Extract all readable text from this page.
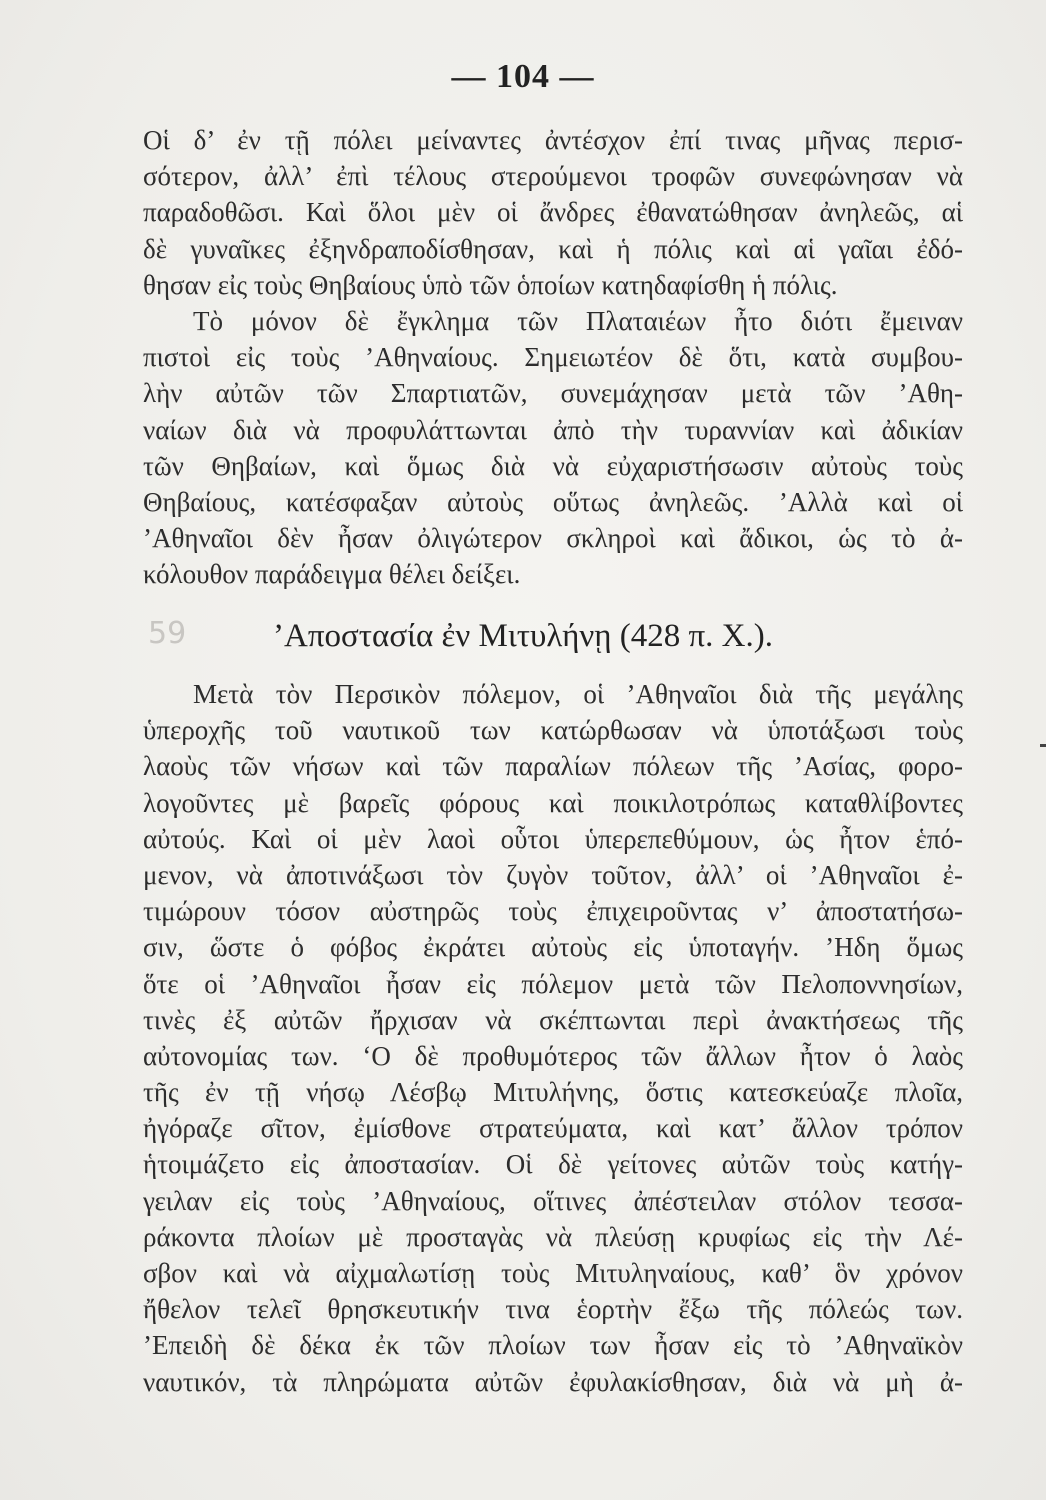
— 104 —
Οἱ δ’ ἐν τῇ πόλει μείναντες ἀντέσχον ἐπί τινας μῆνας περισ-
σότερον, ἀλλ’ ἐπὶ τέλους στερούμενοι τροφῶν συνεφώνησαν νὰ
παραδοθῶσι. Καὶ ὅλοι μὲν οἱ ἄνδρες ἐθανατώθησαν ἀνηλεῶς, αἱ
δὲ γυναῖκες ἐξηνδραποδίσθησαν, καὶ ἡ πόλις καὶ αἱ γαῖαι ἐδό-
θησαν εἰς τοὺς Θηβαίους ὑπὸ τῶν ὁποίων κατηδαφίσθη ἡ πόλις.
Τὸ μόνον δὲ ἔγκλημα τῶν Πλαταιέων ἦτο διότι ἔμειναν
πιστοὶ εἰς τοὺς ’Αθηναίους. Σημειωτέον δὲ ὅτι, κατὰ συμβου-
λὴν αὐτῶν τῶν Σπαρτιατῶν, συνεμάχησαν μετὰ τῶν ’Αθη-
ναίων διὰ νὰ προφυλάττωνται ἀπὸ τὴν τυραννίαν καὶ ἀδικίαν
τῶν Θηβαίων, καὶ ὅμως διὰ νὰ εὐχαριστήσωσιν αὐτοὺς τοὺς
Θηβαίους, κατέσφαξαν αὐτοὺς οὕτως ἀνηλεῶς. ’Αλλὰ καὶ οἱ
’Αθηναῖοι δὲν ἦσαν ὀλιγώτερον σκληροὶ καὶ ἄδικοι, ὡς τὸ ἀ-
κόλουθον παράδειγμα θέλει δείξει.
59	’Αποστασία ἐν Μιτυλήνῃ (428 π. Χ.).
Μετὰ τὸν Περσικὸν πόλεμον, οἱ ’Αθηναῖοι διὰ τῆς μεγάλης
ὑπεροχῆς τοῦ ναυτικοῦ των κατώρθωσαν νὰ ὑποτάξωσι τοὺς
λαοὺς τῶν νήσων καὶ τῶν παραλίων πόλεων τῆς ’Ασίας, φορο-
λογοῦντες μὲ βαρεῖς φόρους καὶ ποικιλοτρόπως καταθλίβοντες
αὐτούς. Καὶ οἱ μὲν λαοὶ οὗτοι ὑπερεπεθύμουν, ὡς ἦτον ἑπό-
μενον, νὰ ἀποτινάξωσι τὸν ζυγὸν τοῦτον, ἀλλ’ οἱ ’Αθηναῖοι ἐ-
τιμώρουν τόσον αὐστηρῶς τοὺς ἐπιχειροῦντας ν’ ἀποστατήσω-
σιν, ὥστε ὁ φόβος ἐκράτει αὐτοὺς εἰς ὑποταγήν. ’Ηδη ὅμως
ὅτε οἱ ’Αθηναῖοι ἦσαν εἰς πόλεμον μετὰ τῶν Πελοποννησίων,
τινὲς ἐξ αὐτῶν ἤρχισαν νὰ σκέπτωνται περὶ ἀνακτήσεως τῆς
αὐτονομίας των. ‘Ο δὲ προθυμότερος τῶν ἄλλων ἦτον ὁ λαὸς
τῆς ἐν τῇ νήσῳ Λέσβῳ Μιτυλήνης, ὅστις κατεσκεύαζε πλοῖα,
ἠγόραζε σῖτον, ἐμίσθονε στρατεύματα, καὶ κατ’ ἄλλον τρόπον
ἡτοιμάζετο εἰς ἀποστασίαν. Οἱ δὲ γείτονες αὐτῶν τοὺς κατήγ-
γειλαν εἰς τοὺς ’Αθηναίους, οἵτινες ἀπέστειλαν στόλον τεσσα-
ράκοντα πλοίων μὲ προσταγὰς νὰ πλεύσῃ κρυφίως εἰς τὴν Λέ-
σβον καὶ νὰ αἰχμαλωτίσῃ τοὺς Μιτυληναίους, καθ’ ὃν χρόνον
ἤθελον τελεῖ θρησκευτικήν τινα ἑορτὴν ἔξω τῆς πόλεώς των.
’Επειδὴ δὲ δέκα ἐκ τῶν πλοίων των ἦσαν εἰς τὸ ’Αθηναϊκὸν
ναυτικόν, τὰ πληρώματα αὐτῶν ἐφυλακίσθησαν, διὰ νὰ μὴ ἀ-
